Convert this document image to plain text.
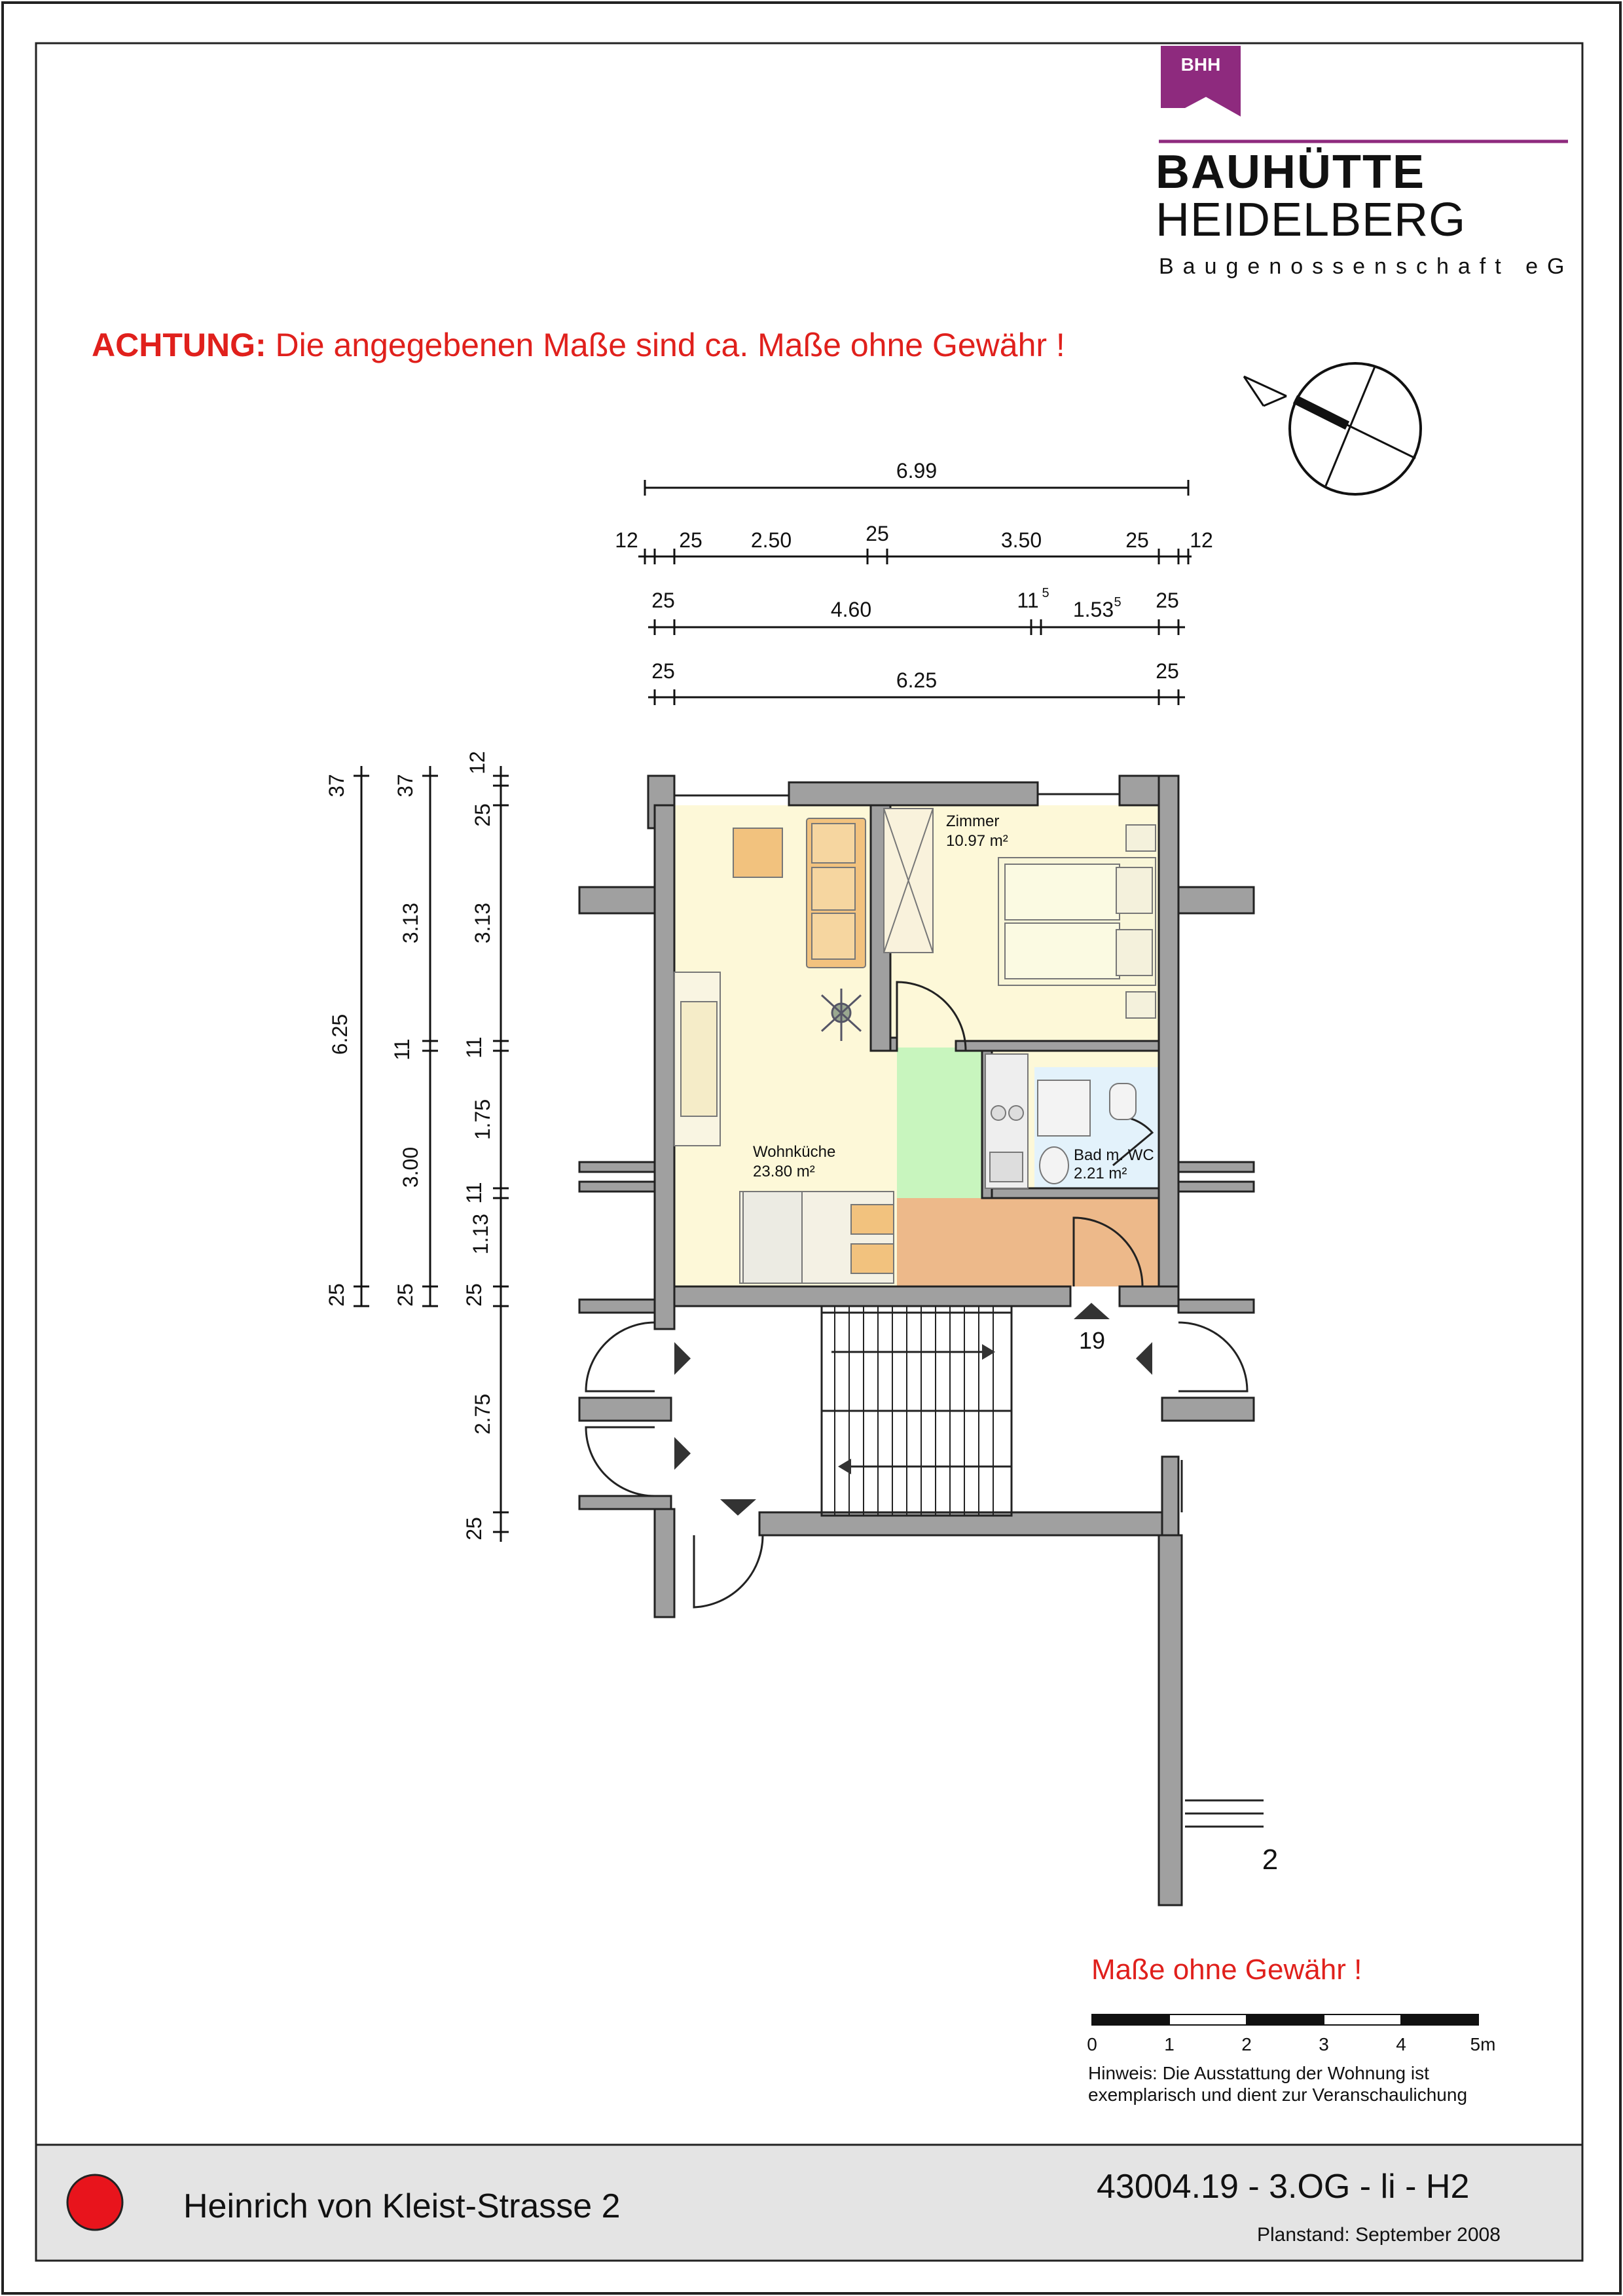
BHH
6.99
12 25 2.50	25	3.50	25 12
25	4.60	11 5
1.53 5 25
25	6.25	25
37
6.25
25
37
3.13
11
3.00
25
12
25
3.13
11
1.75
11
1.13
25
2.75
25
Zimmer
10.97 m²
Wohnküche
23.80 m²
Bad m. WC
2.21 m²
19
2
0	1	2	3	4	5m
BAUHÜTTE
HEIDELBERG
Baugenossenschaft eG
ACHTUNG: Die angegebenen Maße sind ca. Maße ohne Gewähr !
Maße ohne Gewähr !
Hinweis: Die Ausstattung der Wohnung ist
exemplarisch und dient zur Veranschaulichung
Heinrich von Kleist-Strasse 2
43004.19 - 3.OG - li - H2
Planstand: September 2008
